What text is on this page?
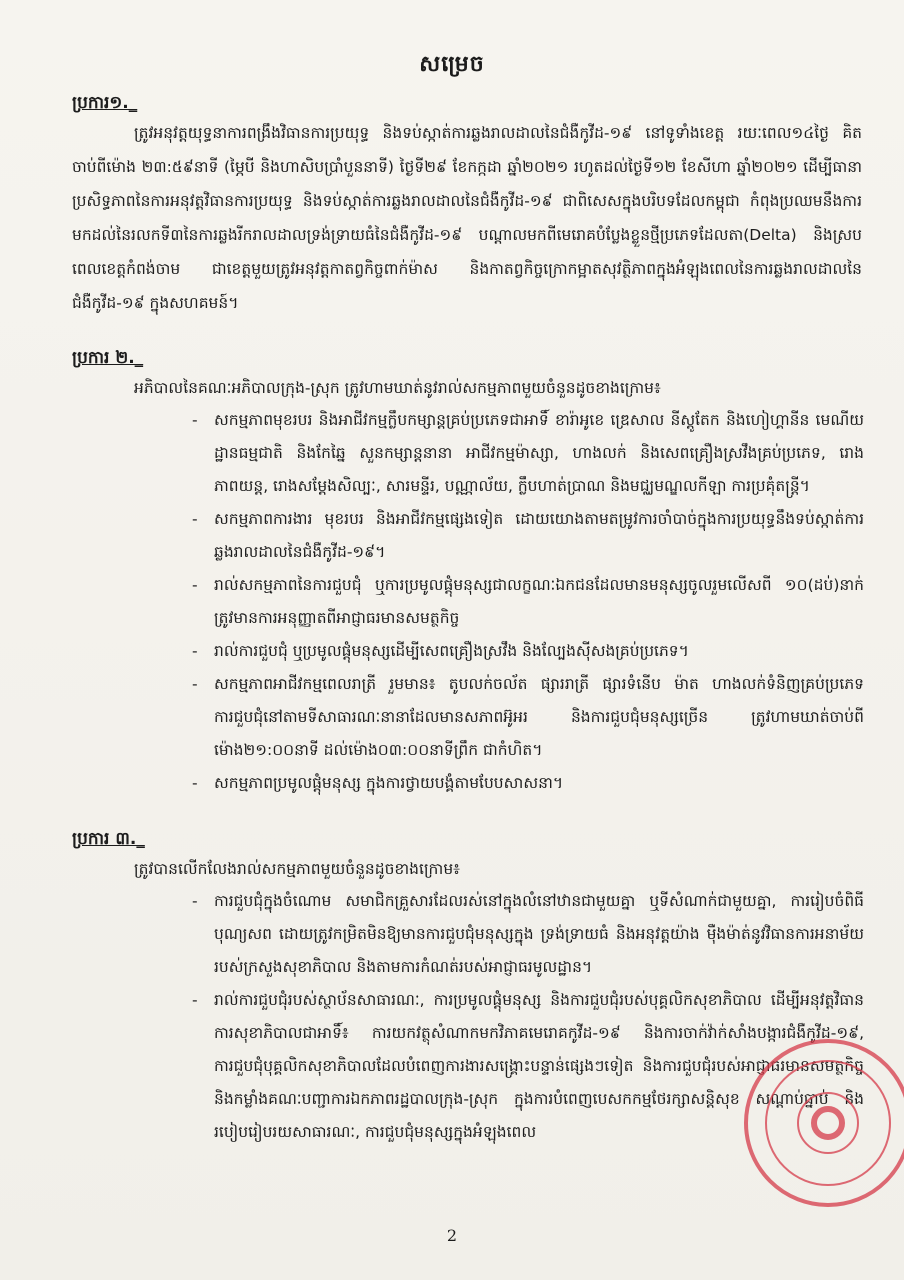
សម្រេច
ប្រការ១._
ត្រូវអនុវត្តយុទ្ធនាការពង្រឹងវិធានការប្រយុទ្ធ និងទប់ស្កាត់ការឆ្លងរាលដាលនៃជំងឺកូវីដ-១៩ នៅទូទាំងខេត្ត រយៈពេល១៤ថ្ងៃ គិតចាប់ពីម៉ោង ២៣:៥៩នាទី (ម្ភៃបី និងហាសិបប្រាំបួននាទី) ថ្ងៃទី២៩ ខែកក្កដា ឆ្នាំ២០២១ រហូតដល់ថ្ងៃទី១២ ខែសីហា ឆ្នាំ២០២១ ដើម្បីធានាប្រសិទ្ធភាពនៃការអនុវត្តវិធានការប្រយុទ្ធ និងទប់ស្កាត់ការឆ្លងរាលដាលនៃជំងឺកូវីដ-១៩ ជាពិសេសក្នុងបរិបទដែលកម្ពុជា កំពុងប្រឈមនឹងការមកដល់នៃរលកទី៣នៃការឆ្លងរីករាលដាលទ្រង់ទ្រាយធំនៃជំងឺកូវីដ-១៩ បណ្តាលមកពីមេរោគបំប្លែងខ្លួនថ្មីប្រភេទដែលតា(Delta) និងស្របពេលខេត្តកំពង់ចាម ជាខេត្តមួយត្រូវអនុវត្តកាតព្វកិច្ចពាក់ម៉ាស និងកាតព្វកិច្ចក្រោកម្អាតសុវត្ថិភាពក្នុងអំឡុងពេលនៃការឆ្លងរាលដាលនៃជំងឺកូវីដ-១៩ ក្នុងសហគមន៍។
ប្រការ ២._
អភិបាលនៃគណៈអភិបាលក្រុង-ស្រុក ត្រូវហាមឃាត់នូវរាល់សកម្មភាពមួយចំនួនដូចខាងក្រោម៖
- សកម្មភាពមុខរបរ និងអាជីវកម្មក្លឹបកម្សាន្តគ្រប់ប្រភេទជាអាទិ៍ ខារ៉ាអូខេ ឌ្រេសាល នីស្តូតែក និងហៀហ្គានីន មេណីយដ្ឋានធម្មជាតិ និងកែឆ្នៃ សួនកម្សាន្តនានា អាជីវកម្មម៉ាស្សា, ហាងលក់ និងសេពគ្រឿងស្រវឹងគ្រប់ប្រភេទ, រោងភាពយន្ត, រោងសម្តែងសិល្បៈ, សារមន្ទីរ, បណ្ណាល័យ, ក្លឹបហាត់ប្រាណ និងមជ្ឈមណ្ឌលកីឡា ការប្រគុំតន្ត្រី។
- សកម្មភាពការងារ មុខរបរ និងអាជីវកម្មផ្សេងទៀត ដោយយោងតាមតម្រូវការចាំបាច់ក្នុងការប្រយុទ្ធនឹងទប់ស្កាត់ការឆ្លងរាលដាលនៃជំងឺកូវីដ-១៩។
- រាល់សកម្មភាពនៃការជួបជុំ ឬការប្រមូលផ្តុំមនុស្សជាលក្ខណៈឯកជនដែលមានមនុស្សចូលរួមលើសពី ១០(ដប់)នាក់ ត្រូវមានការអនុញ្ញាតពីអាជ្ញាធរមានសមត្ថកិច្ច
- រាល់ការជួបជុំ ឬប្រមូលផ្តុំមនុស្សដើម្បីសេពគ្រឿងស្រវឹង និងល្បែងស៊ីសងគ្រប់ប្រភេទ។
- សកម្មភាពអាជីវកម្មពេលរាត្រី រួមមាន៖ តូបលក់ចល័ត ផ្សាររាត្រី ផ្សារទំនើប ម៉ាត ហាងលក់ទំនិញគ្រប់ប្រភេទ ការជួបជុំនៅតាមទីសាធារណៈនានាដែលមានសភាពអ៊ូអរ និងការជួបជុំមនុស្សច្រើន ត្រូវហាមឃាត់ចាប់ពីម៉ោង២១:០០នាទី ដល់ម៉ោង០៣:០០នាទីព្រឹក ជាកំហិត។
- សកម្មភាពប្រមូលផ្តុំមនុស្ស ក្នុងការថ្វាយបង្គំតាមបែបសាសនា។
ប្រការ ៣._
ត្រូវបានលើកលែងរាល់សកម្មភាពមួយចំនួនដូចខាងក្រោម៖
- ការជួបជុំក្នុងចំណោម សមាជិកគ្រួសារដែលរស់នៅក្នុងលំនៅឋានជាមួយគ្នា ឬទីសំណាក់ជាមួយគ្នា, ការរៀបចំពិធីបុណ្យសព ដោយត្រូវកម្រិតមិនឱ្យមានការជួបជុំមនុស្សក្នុង ទ្រង់ទ្រាយធំ និងអនុវត្តយ៉ាង ម៉ឺងម៉ាត់នូវវិធានការអនាម័យរបស់ក្រសួងសុខាភិបាល និងតាមការកំណត់របស់អាជ្ញាធរមូលដ្ឋាន។
- រាល់ការជួបជុំរបស់ស្ថាប័នសាធារណៈ, ការប្រមូលផ្តុំមនុស្ស និងការជួបជុំរបស់បុគ្គលិកសុខាភិបាល ដើម្បីអនុវត្តវិធានការសុខាភិបាលជាអាទិ៍៖ ការយកវត្ថុសំណាកមកវិភាគមេរោគកូវីដ-១៩ និងការចាក់វ៉ាក់សាំងបង្ការជំងឺកូវីដ-១៩, ការជួបជុំបុគ្គលិកសុខាភិបាលដែលបំពេញការងារសង្គ្រោះបន្ទាន់ផ្សេងៗទៀត និងការជួបជុំរបស់អាជ្ញាធរមានសមត្ថកិច្ច និងកម្លាំងគណៈបញ្ជាការឯកភាពរដ្ឋបាលក្រុង-ស្រុក ក្នុងការបំពេញបេសកកម្មថែរក្សាសន្តិសុខ សណ្តាប់ធ្នាប់ និងរបៀបរៀបរយសាធារណៈ, ការជួបជុំមនុស្សក្នុងអំឡុងពេល
2
